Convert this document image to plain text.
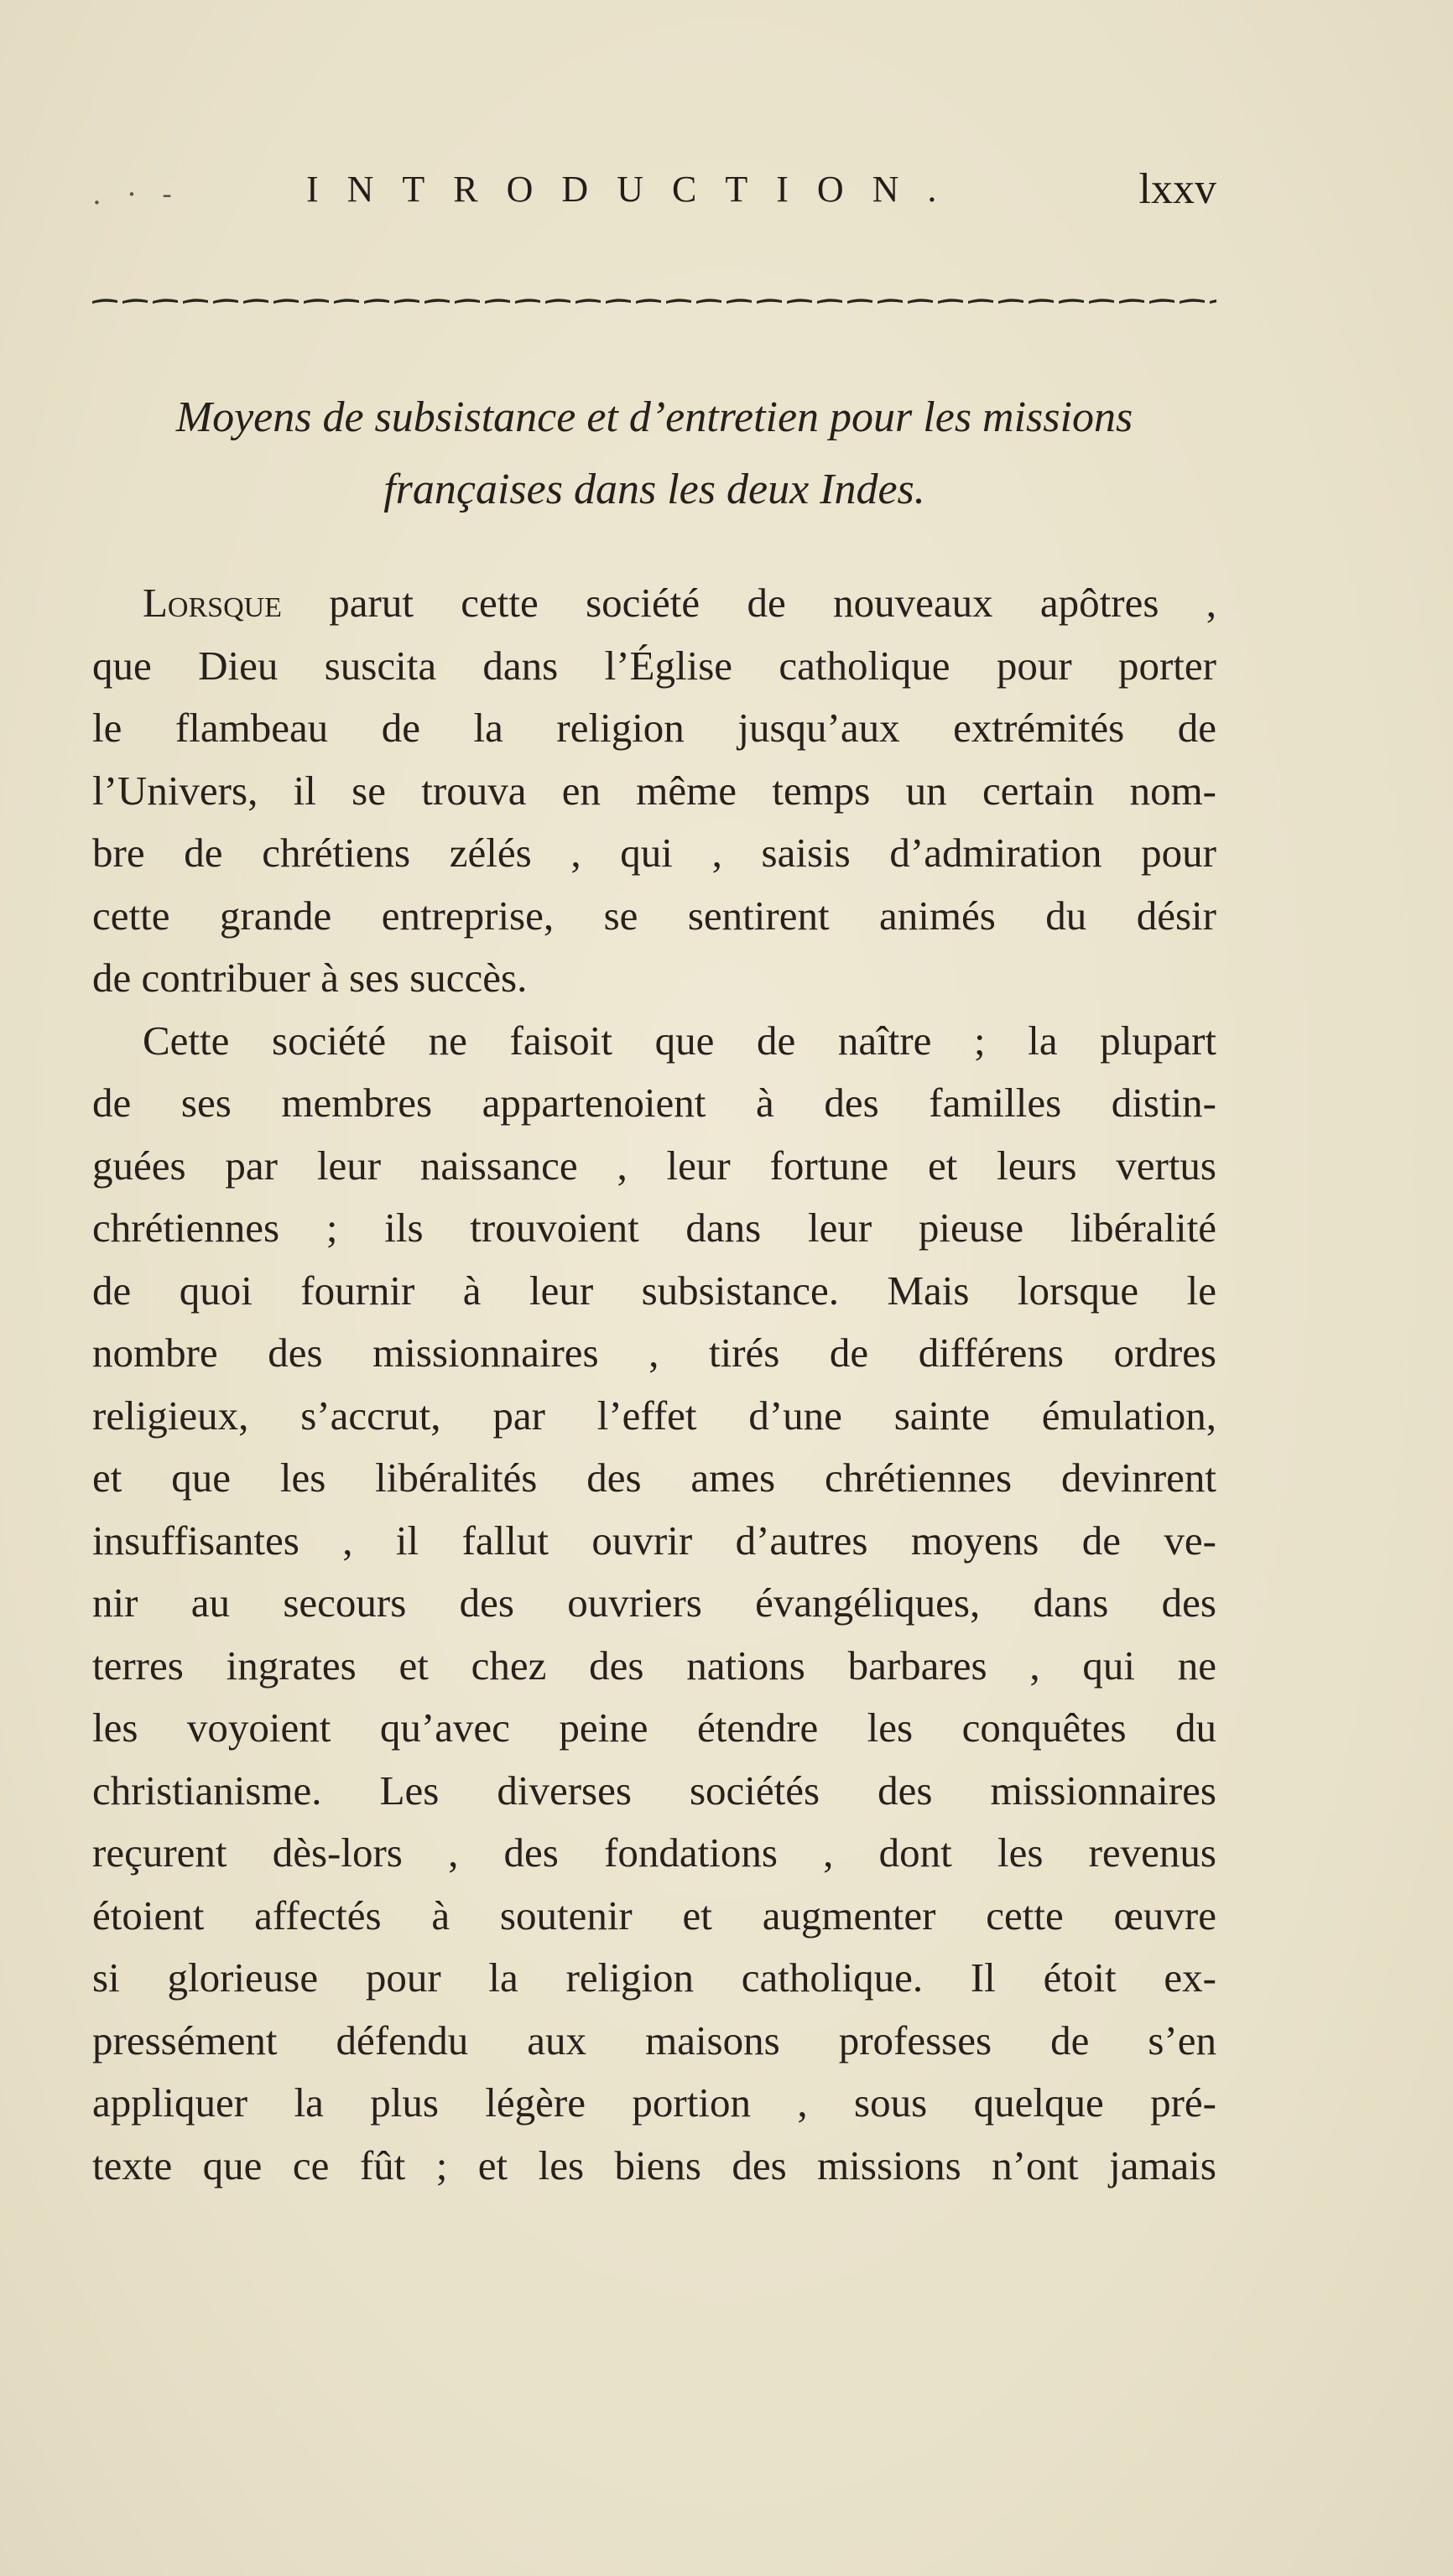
. · -	INTRODUCTION.	lxxv
Moyens de subsistance et d’entretien pour les missions
françaises dans les deux Indes.
Lorsque parut cette société de nouveaux apôtres ,
que Dieu suscita dans l’Église catholique pour porter
le flambeau de la religion jusqu’aux extrémités de
l’Univers, il se trouva en même temps un certain nom-
bre de chrétiens zélés , qui , saisis d’admiration pour
cette grande entreprise, se sentirent animés du désir
de contribuer à ses succès.
Cette société ne faisoit que de naître ; la plupart
de ses membres appartenoient à des familles distin-
guées par leur naissance , leur fortune et leurs vertus
chrétiennes ; ils trouvoient dans leur pieuse libéralité
de quoi fournir à leur subsistance. Mais lorsque le
nombre des missionnaires , tirés de différens ordres
religieux, s’accrut, par l’effet d’une sainte émulation,
et que les libéralités des ames chrétiennes devinrent
insuffisantes , il fallut ouvrir d’autres moyens de ve-
nir au secours des ouvriers évangéliques, dans des
terres ingrates et chez des nations barbares , qui ne
les voyoient qu’avec peine étendre les conquêtes du
christianisme. Les diverses sociétés des missionnaires
reçurent dès-lors , des fondations , dont les revenus
étoient affectés à soutenir et augmenter cette œuvre
si glorieuse pour la religion catholique. Il étoit ex-
pressément défendu aux maisons professes de s’en
appliquer la plus légère portion , sous quelque pré-
texte que ce fût ; et les biens des missions n’ont jamais
